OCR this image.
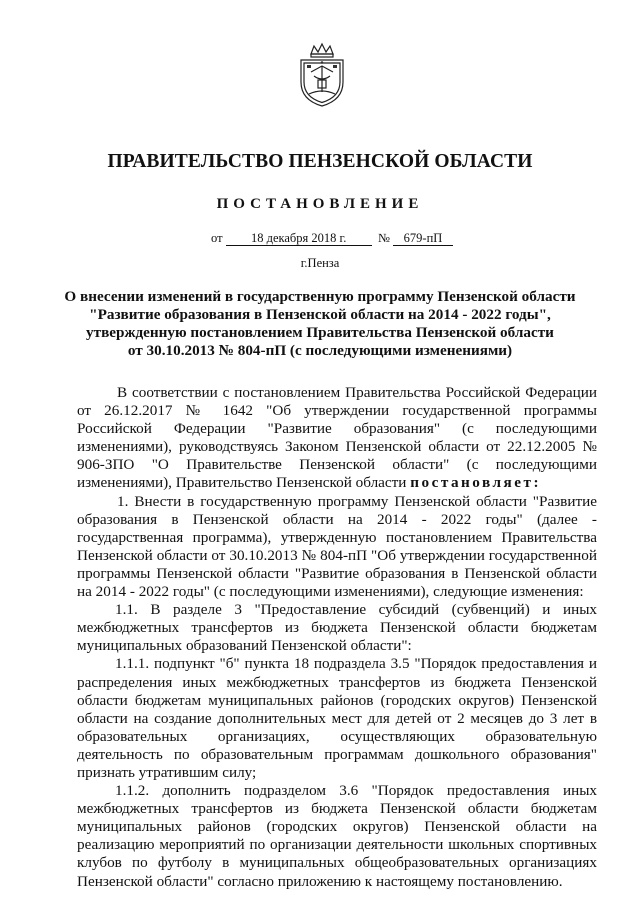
ПРАВИТЕЛЬСТВО ПЕНЗЕНСКОЙ ОБЛАСТИ
ПОСТАНОВЛЕНИЕ
от 18 декабря 2018 г.	№ 679-пП
г.Пенза
О внесении изменений в государственную программу Пензенской области
"Развитие образования в Пензенской области на 2014 - 2022 годы",
утвержденную постановлением Правительства Пензенской области
от 30.10.2013 № 804-пП (с последующими изменениями)

В соответствии с постановлением Правительства Российской Федерации от 26.12.2017 № 1642 "Об утверждении государственной программы Российской Федерации "Развитие образования" (с последующими изменениями), руководствуясь Законом Пензенской области от 22.12.2005 № 906-ЗПО "О Правительстве Пензенской области" (с последующими изменениями), Правительство Пензенской области постановляет:

1. Внести в государственную программу Пензенской области "Развитие образования в Пензенской области на 2014 - 2022 годы" (далее - государственная программа), утвержденную постановлением Правительства Пензенской области от 30.10.2013 № 804-пП "Об утверждении государственной программы Пензенской области "Развитие образования в Пензенской области на 2014 - 2022 годы" (с последующими изменениями), следующие изменения:

1.1. В разделе 3 "Предоставление субсидий (субвенций) и иных межбюджетных трансфертов из бюджета Пензенской области бюджетам муниципальных образований Пензенской области":

1.1.1. подпункт "б" пункта 18 подраздела 3.5 "Порядок предоставления и распределения иных межбюджетных трансфертов из бюджета Пензенской области бюджетам муниципальных районов (городских округов) Пензенской области на создание дополнительных мест для детей от 2 месяцев до 3 лет в образовательных организациях, осуществляющих образовательную деятельность по образовательным программам дошкольного образования" признать утратившим силу;

1.1.2. дополнить подразделом 3.6 "Порядок предоставления иных межбюджетных трансфертов из бюджета Пензенской области бюджетам муниципальных районов (городских округов) Пензенской области на реализацию мероприятий по организации деятельности школьных спортивных клубов по футболу в муниципальных общеобразовательных организациях Пензенской области" согласно приложению к настоящему постановлению.
